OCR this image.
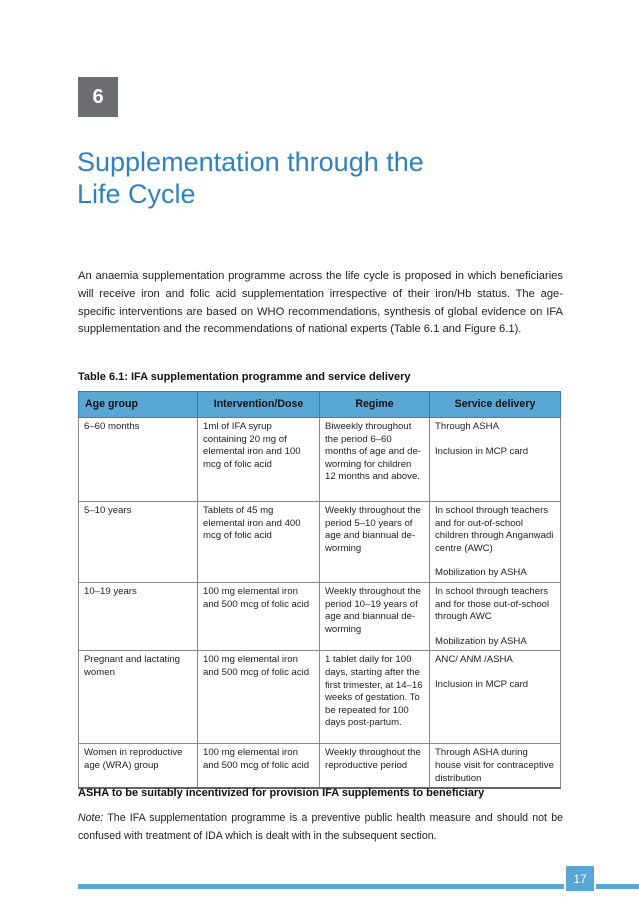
6
Supplementation through the
Life Cycle

An anaemia supplementation programme across the life cycle is proposed in which beneficiaries will receive iron and folic acid supplementation irrespective of their iron/Hb status. The age-specific interventions are based on WHO recommendations, synthesis of global evidence on IFA supplementation and the recommendations of national experts (Table 6.1 and Figure 6.1).

Table 6.1: IFA supplementation programme and service delivery
Age group	Intervention/Dose	Regime	Service delivery
6–60 months	1ml of IFA syrup containing 20 mg of elemental iron and 100 mcg of folic acid	Biweekly throughout the period 6–60 months of age and de-worming for children 12 months and above.	Through ASHA

Inclusion in MCP card

5–10 years	Tablets of 45 mg elemental iron and 400 mcg of folic acid	Weekly throughout the period 5–10 years of age and biannual de-worming	In school through teachers and for out-of-school children through Anganwadi centre (AWC)

Mobilization by ASHA

10–19 years	100 mg elemental iron and 500 mcg of folic acid	Weekly throughout the period 10–19 years of age and biannual de-worming	In school through teachers and for those out-of-school through AWC

Mobilization by ASHA

Pregnant and lactating women	100 mg elemental iron and 500 mcg of folic acid	1 tablet daily for 100 days, starting after the first trimester, at 14–16 weeks of gestation. To be repeated for 100 days post-partum.	ANC/ ANM /ASHA

Inclusion in MCP card

Women in reproductive age (WRA) group	100 mg elemental iron and 500 mcg of folic acid	Weekly throughout the reproductive period	Through ASHA during house visit for contraceptive distribution

ASHA to be suitably incentivized for provision IFA supplements to beneficiary

Note: The IFA supplementation programme is a preventive public health measure and should not be confused with treatment of IDA which is dealt with in the subsequent section.

17
